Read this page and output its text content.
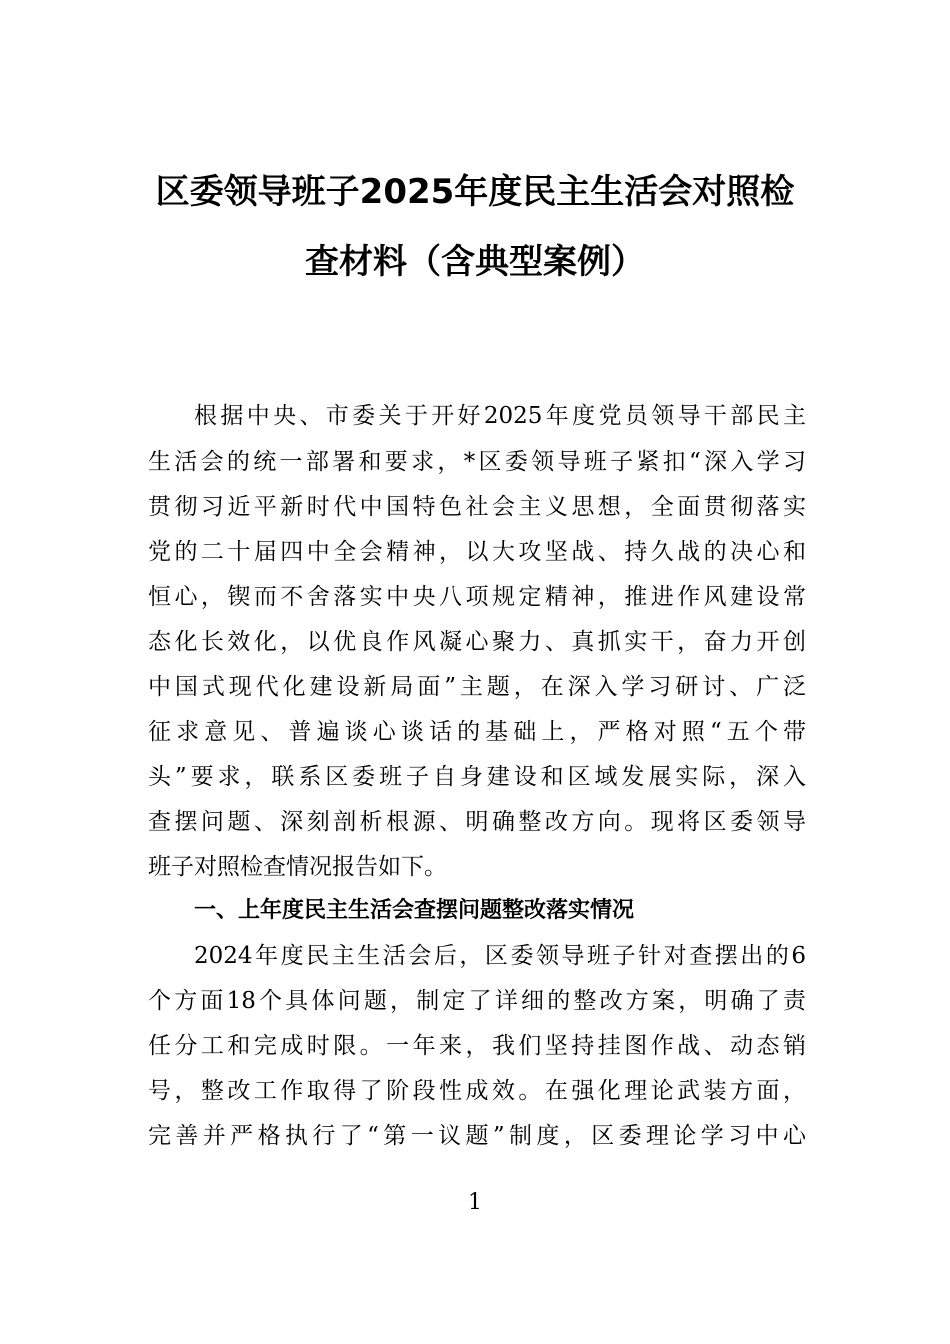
区委领导班子2025年度民主生活会对照检
查材料（含典型案例）
根据中央、市委关于开好2025年度党员领导干部民主
生活会的统一部署和要求，*区委领导班子紧扣“深入学习
贯彻习近平新时代中国特色社会主义思想，全面贯彻落实
党的二十届四中全会精神，以大攻坚战、持久战的决心和
恒心，锲而不舍落实中央八项规定精神，推进作风建设常
态化长效化，以优良作风凝心聚力、真抓实干，奋力开创
中国式现代化建设新局面”主题，在深入学习研讨、广泛
征求意见、普遍谈心谈话的基础上，严格对照“五个带
头”要求，联系区委班子自身建设和区域发展实际，深入
查摆问题、深刻剖析根源、明确整改方向。现将区委领导
班子对照检查情况报告如下。
一、上年度民主生活会查摆问题整改落实情况
2024年度民主生活会后，区委领导班子针对查摆出的6
个方面18个具体问题，制定了详细的整改方案，明确了责
任分工和完成时限。一年来，我们坚持挂图作战、动态销
号，整改工作取得了阶段性成效。在强化理论武装方面，
完善并严格执行了“第一议题”制度，区委理论学习中心
1
